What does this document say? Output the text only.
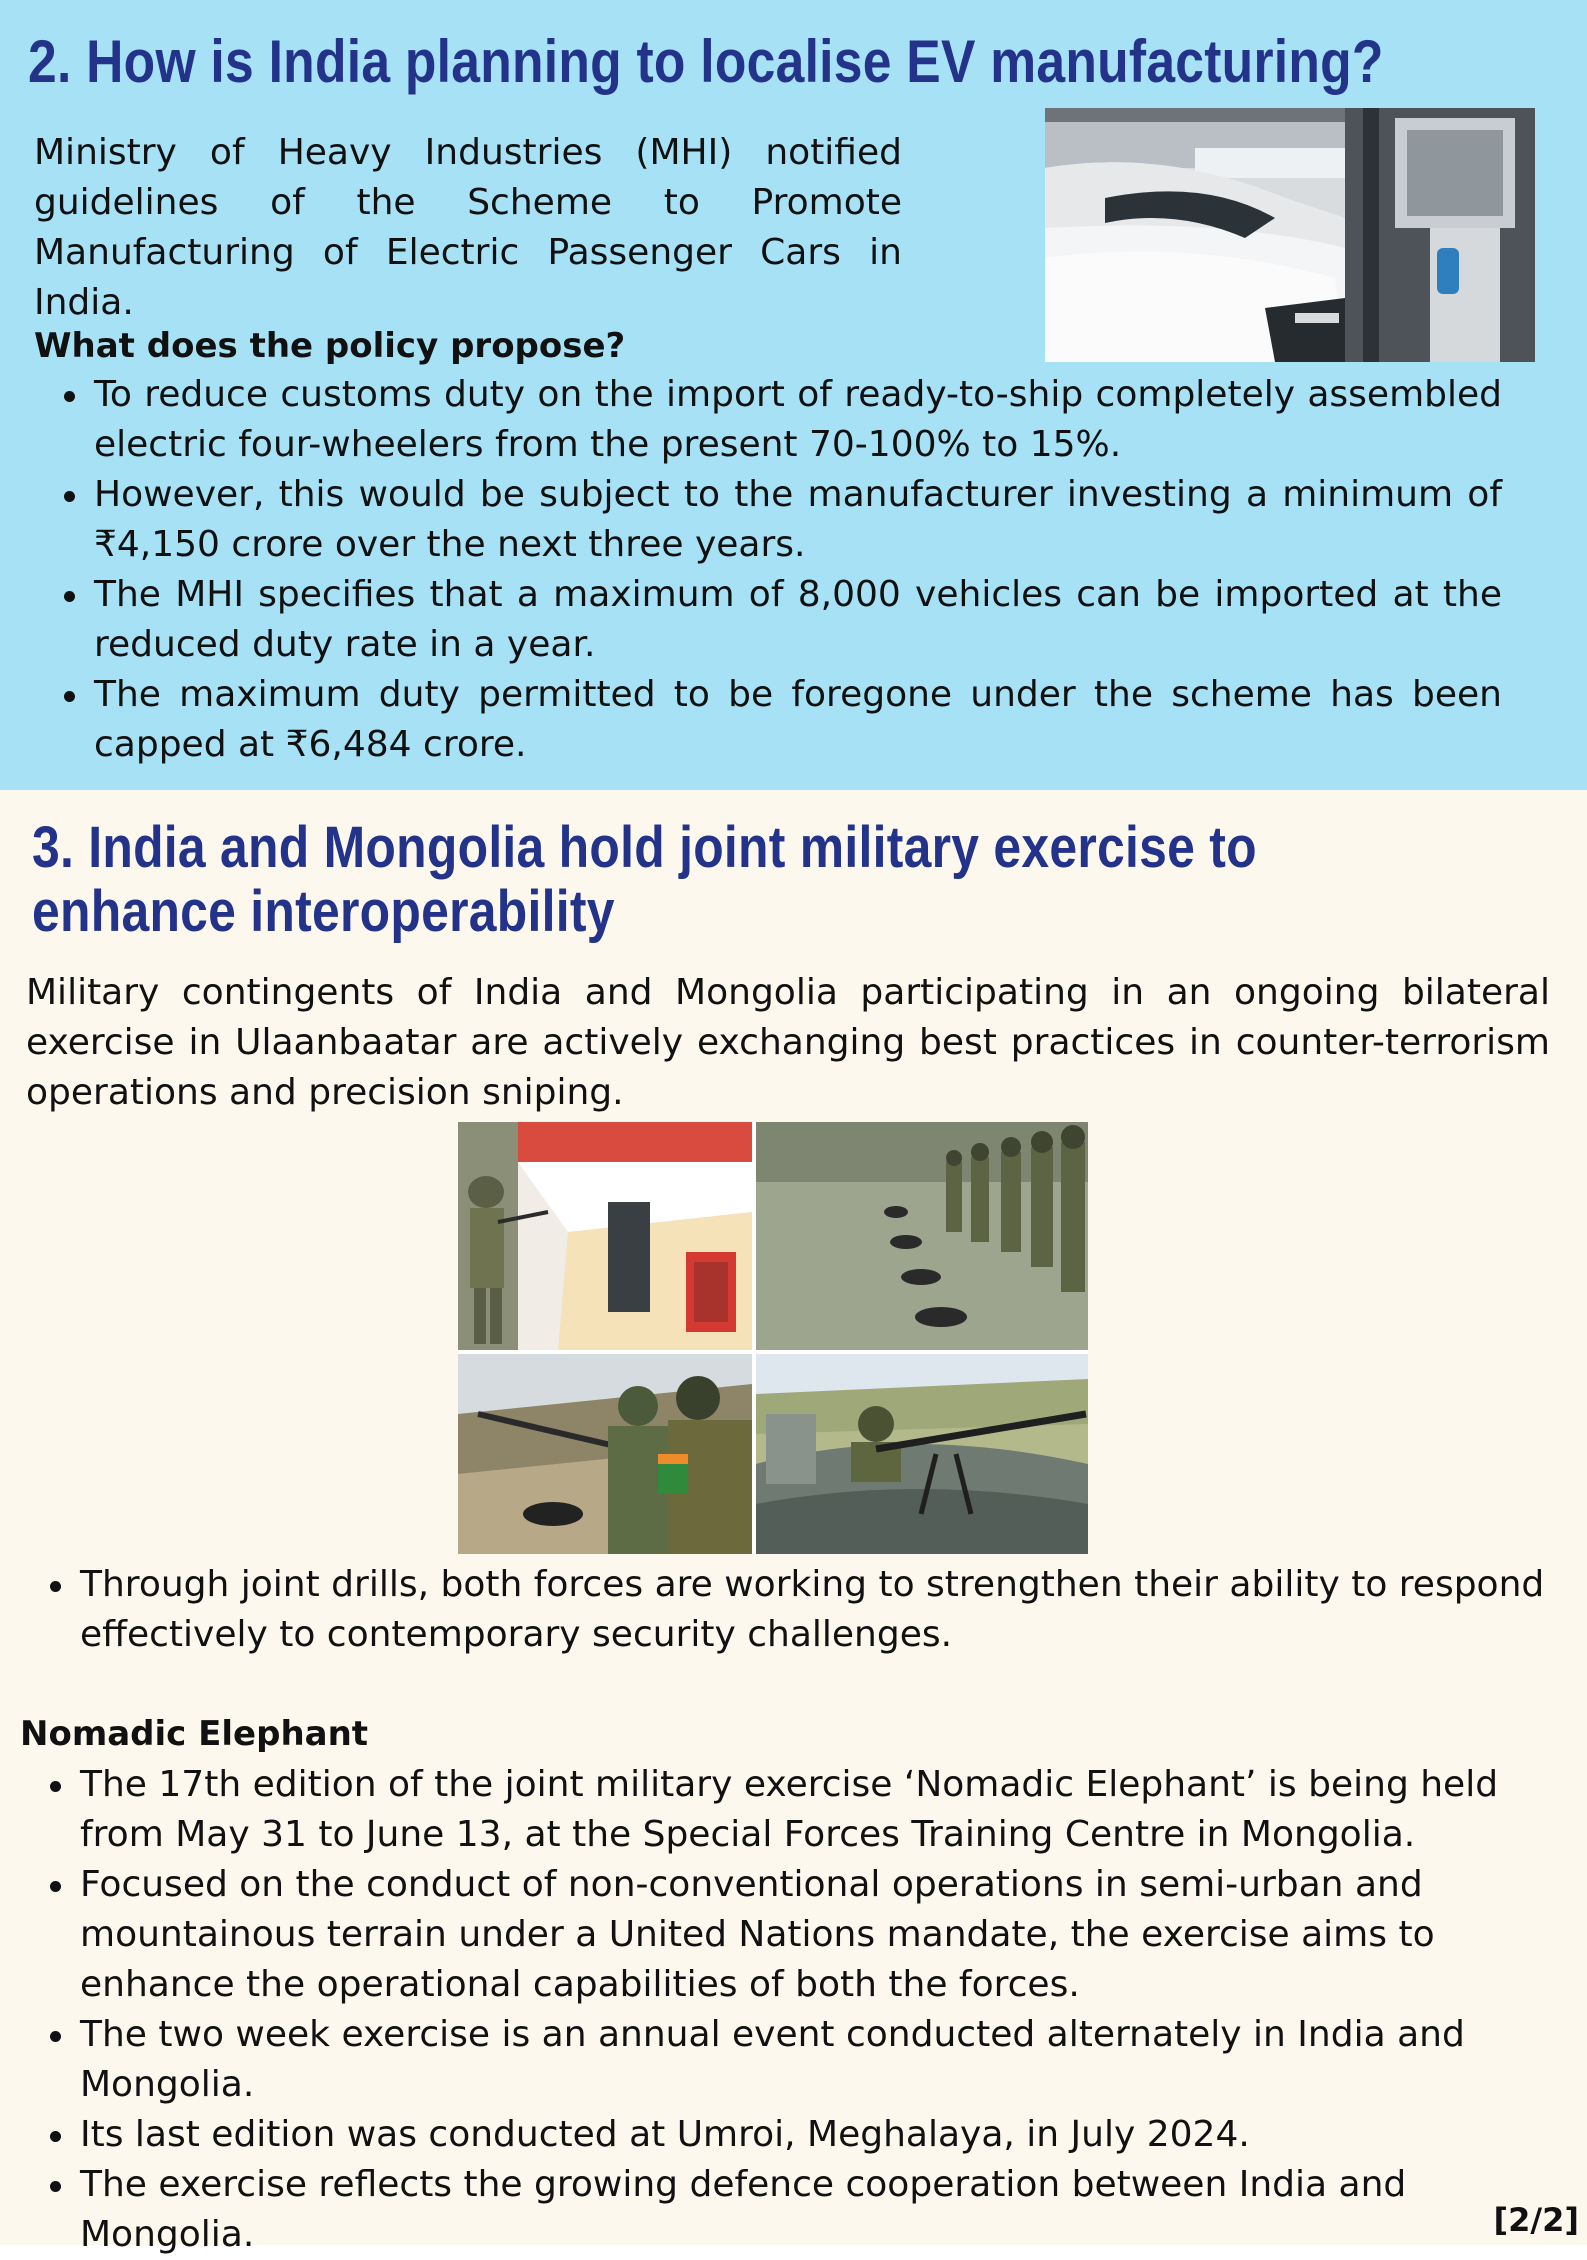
2. How is India planning to localise EV manufacturing?

Ministry of Heavy Industries (MHI) notified guidelines of the Scheme to Promote Manufacturing of Electric Passenger Cars in India.

What does the policy propose?
To reduce customs duty on the import of ready-to-ship completely assembled electric four-wheelers from the present 70-100% to 15%.
However, this would be subject to the manufacturer investing a minimum of ₹4,150 crore over the next three years.
The MHI specifies that a maximum of 8,000 vehicles can be imported at the reduced duty rate in a year.
The maximum duty permitted to be foregone under the scheme has been capped at ₹6,484 crore.
3. India and Mongolia hold joint military exercise to enhance interoperability

Military contingents of India and Mongolia participating in an ongoing bilateral exercise in Ulaanbaatar are actively exchanging best practices in counter-terrorism operations and precision sniping.

Through joint drills, both forces are working to strengthen their ability to respond effectively to contemporary security challenges.
Nomadic Elephant
The 17th edition of the joint military exercise ‘Nomadic Elephant’ is being held from May 31 to June 13, at the Special Forces Training Centre in Mongolia.
Focused on the conduct of non-conventional operations in semi-urban and mountainous terrain under a United Nations mandate, the exercise aims to enhance the operational capabilities of both the forces.
The two week exercise is an annual event conducted alternately in India and Mongolia.
Its last edition was conducted at Umroi, Meghalaya, in July 2024.
The exercise reflects the growing defence cooperation between India and Mongolia.	[2/2]
